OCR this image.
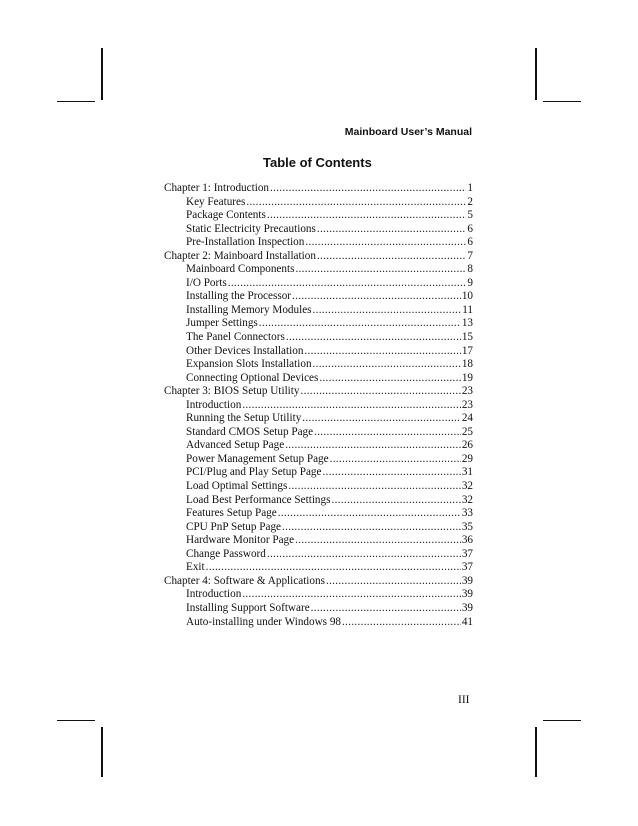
Mainboard User’s Manual
Table of Contents
Chapter 1: Introduction .....	1
Key Features .....	2
Package Contents .....	5
Static Electricity Precautions .....	6
Pre-Installation Inspection .....	6
Chapter 2: Mainboard Installation .....	7
Mainboard Components .....	8
I/O Ports .....	9
Installing the Processor .....	10
Installing Memory Modules .....	11
Jumper Settings .....	13
The Panel Connectors .....	15
Other Devices Installation .....	17
Expansion Slots Installation .....	18
Connecting Optional Devices .....	19
Chapter 3: BIOS Setup Utility .....	23
Introduction .....	23
Running the Setup Utility .....	24
Standard CMOS Setup Page .....	25
Advanced Setup Page .....	26
Power Management Setup Page .....	29
PCI/Plug and Play Setup Page .....	31
Load Optimal Settings .....	32
Load Best Performance Settings .....	32
Features Setup Page .....	33
CPU PnP Setup Page .....	35
Hardware Monitor Page .....	36
Change Password .....	37
Exit .....	37
Chapter 4: Software & Applications .....	39
Introduction .....	39
Installing Support Software .....	39
Auto-installing under Windows 98 .....	41
III
